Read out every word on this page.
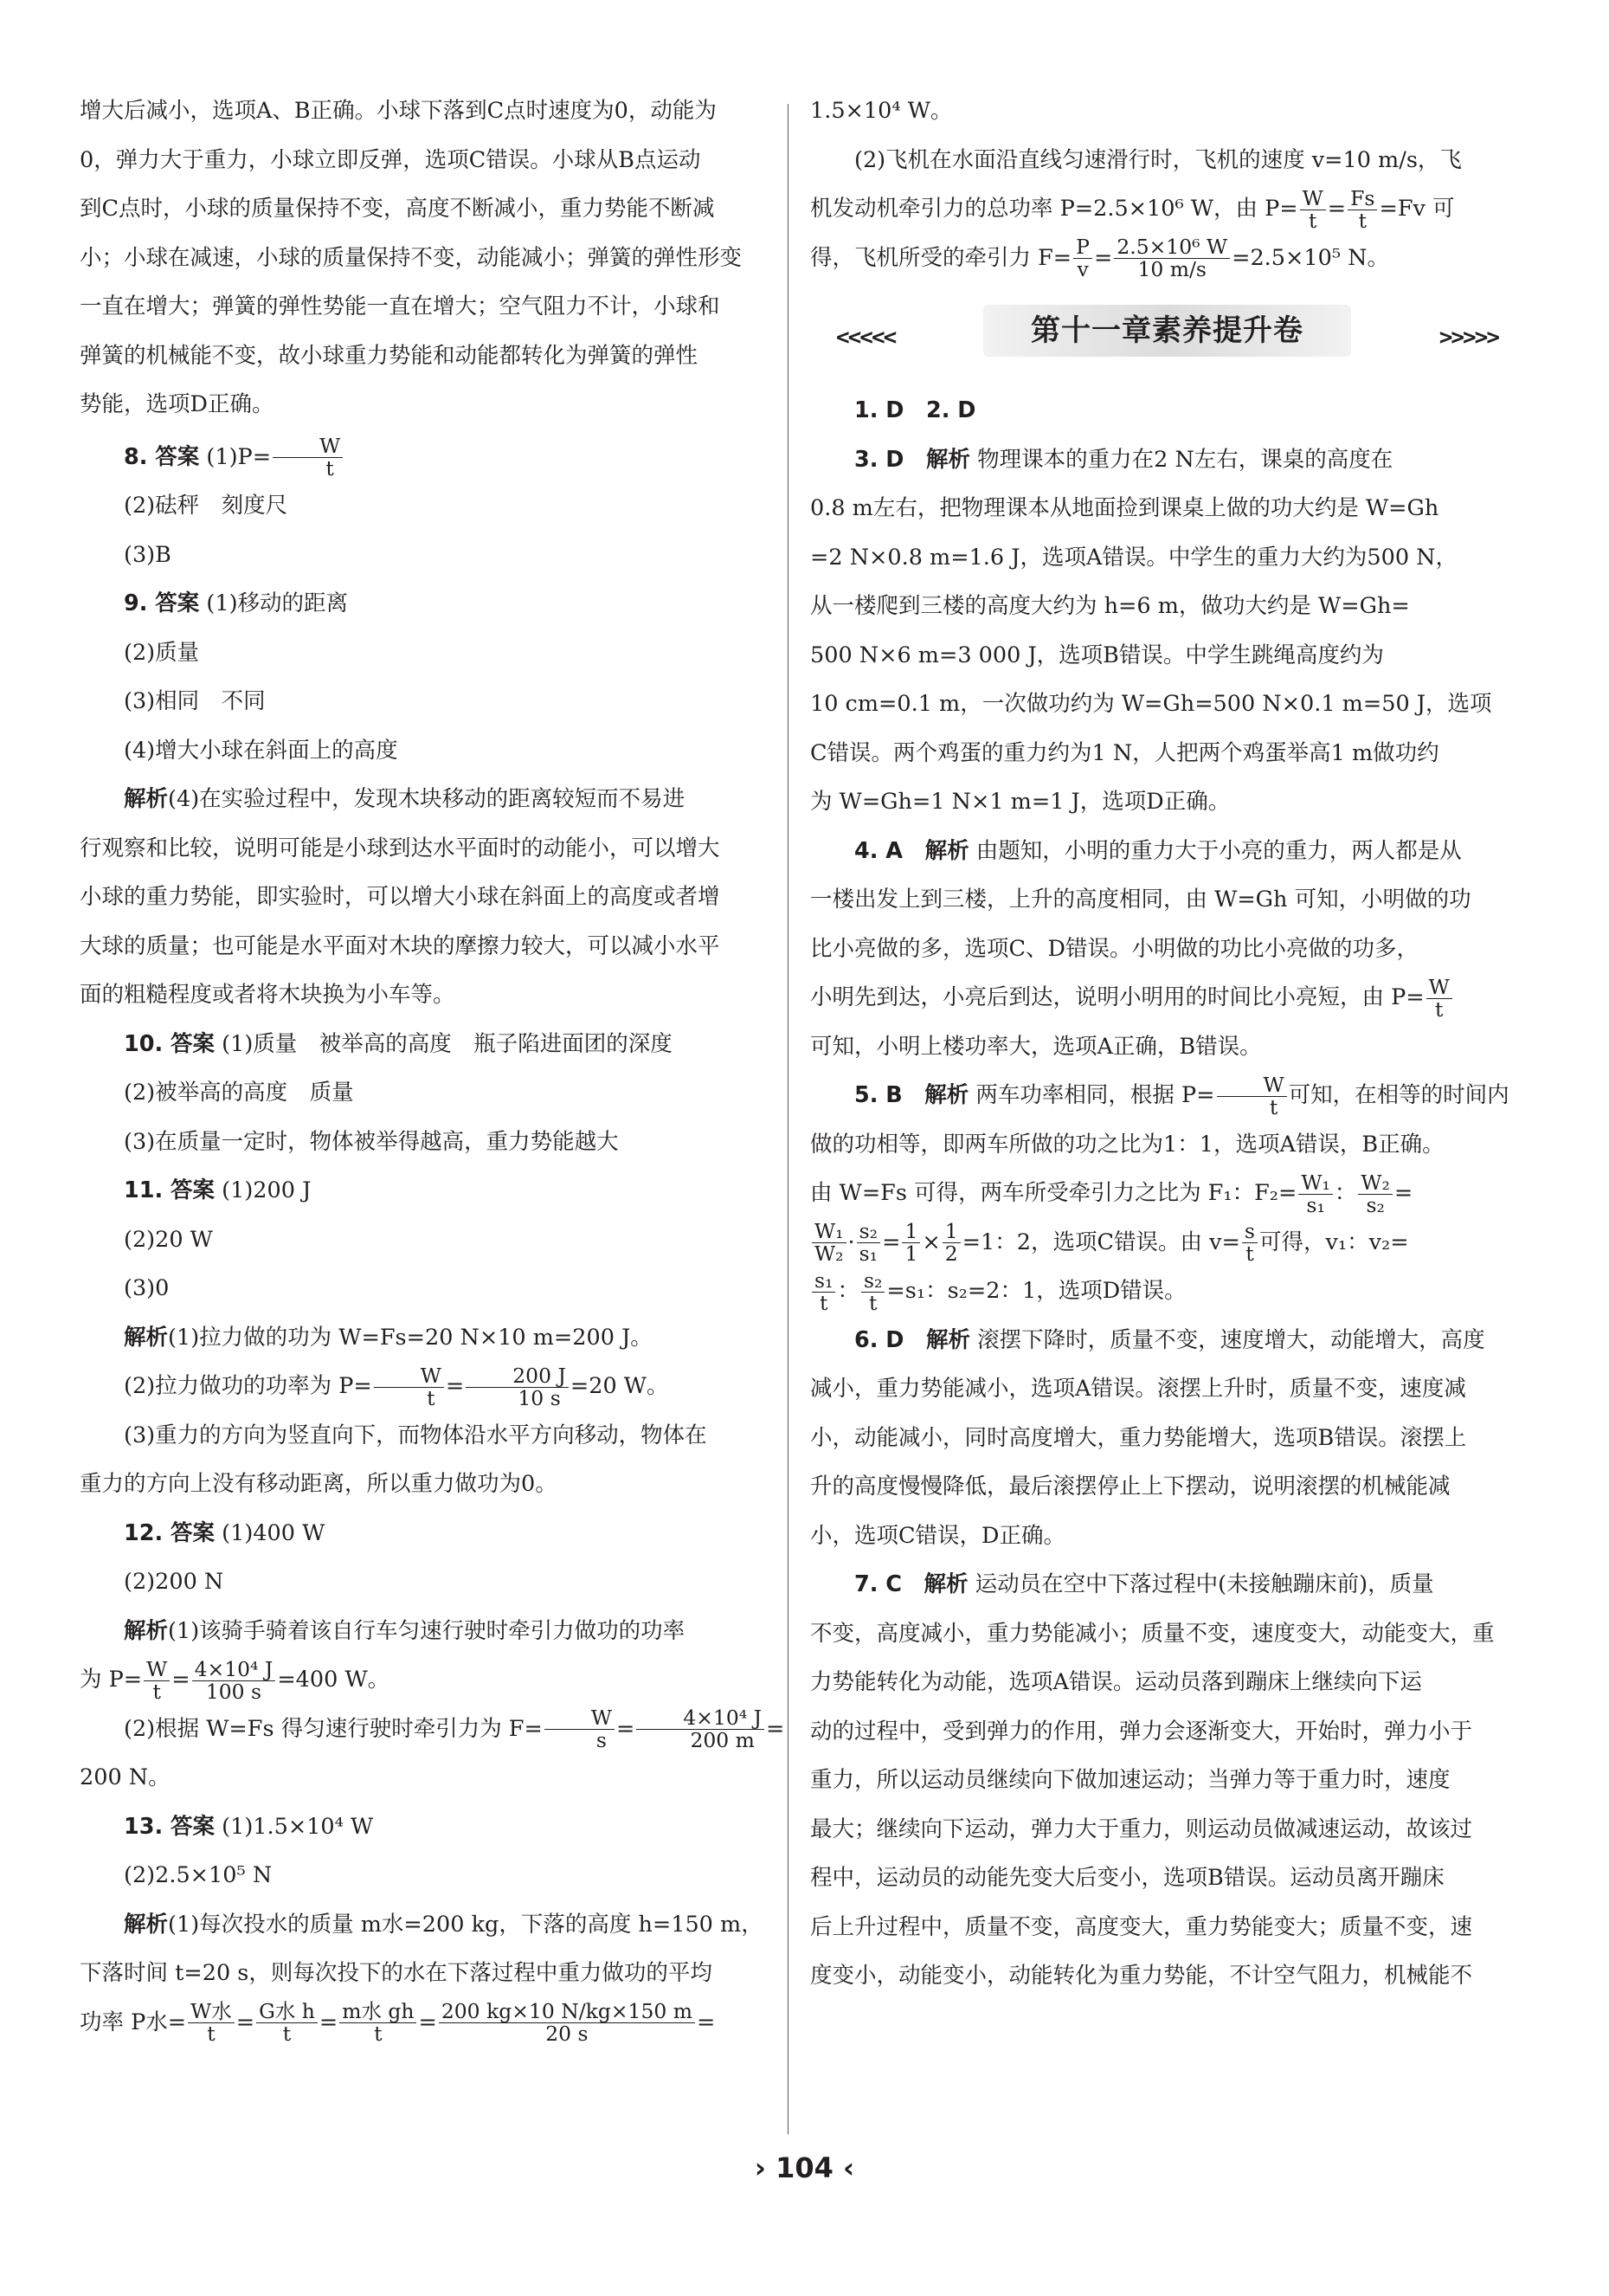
增大后减小，选项A、B正确。小球下落到C点时速度为0，动能为
0，弹力大于重力，小球立即反弹，选项C错误。小球从B点运动
到C点时，小球的质量保持不变，高度不断减小，重力势能不断减
小；小球在减速，小球的质量保持不变，动能减小；弹簧的弹性形变
一直在增大；弹簧的弹性势能一直在增大；空气阻力不计，小球和
弹簧的机械能不变，故小球重力势能和动能都转化为弹簧的弹性
势能，选项D正确。

8. 答案 $(1)P= \frac{W}{t}$

(2)砝秤　刻度尺

(3)B

9. 答案 (1)移动的距离

(2)质量

(3)相同　不同

(4)增大小球在斜面上的高度

解析(4)在实验过程中，发现木块移动的距离较短而不易进
行观察和比较，说明可能是小球到达水平面时的动能小，可以增大
小球的重力势能，即实验时，可以增大小球在斜面上的高度或者增
大球的质量；也可能是水平面对木块的摩擦力较大，可以减小水平
面的粗糙程度或者将木块换为小车等。

10. 答案 (1)质量　被举高的高度　瓶子陷进面团的深度

(2)被举高的高度　质量

(3)在质量一定时，物体被举得越高，重力势能越大

11. 答案 (1)200 J

(2)20 W

(3)0

解析(1)拉力做的功为 W=Fs=20 N×10 m=200 J。

(2)拉力做功的功率为 $P= \frac{W}{t} = \frac{200 J}{10 s} =20$ W。

(3)重力的方向为竖直向下，而物体沿水平方向移动，物体在
重力的方向上没有移动距离，所以重力做功为0。

12. 答案 (1)400 W

(2)200 N

解析(1)该骑手骑着该自行车匀速行驶时牵引力做功的功率
为 $P= \frac{W}{t} = \frac{\text{4×10⁴ J}}{100 s} =400$ W。
(2)根据 W=Fs 得匀速行驶时牵引力为 $F= \frac{W}{s} = \frac{\text{4×10⁴ J}}{200 m}$ =
200 N。

13. 答案 (1)1.5×10⁴ W

(2)2.5×10⁵ N

解析(1)每次投水的质量 m水=200 kg，下落的高度 h=150 m，
下落时间 t=20 s，则每次投下的水在下落过程中重力做功的平均
功率 P水= $\frac{\text{W水}}{t} = \frac{\text{G水 h}}{t} = \frac{\text{m水 gh}}{t} = \frac{200 kg\times 10 N/kg\times 150 m}{20 s}$ =

1.5×10⁴ W。

(2)飞机在水面沿直线匀速滑行时，飞机的速度 v=10 m/s，飞
机发动机牵引力的总功率 P=2.5×10⁶ W，由 $P= \frac{W}{t} = \frac{Fs}{t} =Fv$ 可
得，飞机所受的牵引力 $F= \frac{P}{v} = \frac{\text{2.5×10⁶ W}}{10 m/s} =2.5\times 10^5$ N。

<<<<<	第十一章素养提升卷	>>>>>

1. D　2. D

3. D　 解析 物理课本的重力在2 N左右，课桌的高度在
0.8 m左右，把物理课本从地面捡到课桌上做的功大约是 W=Gh
=2 N×0.8 m=1.6 J，选项A错误。中学生的重力大约为500 N，
从一楼爬到三楼的高度大约为 h=6 m，做功大约是 W=Gh=
500 N×6 m=3 000 J，选项B错误。中学生跳绳高度约为
10 cm=0.1 m，一次做功约为 W=Gh=500 N×0.1 m=50 J，选项
C错误。两个鸡蛋的重力约为1 N，人把两个鸡蛋举高1 m做功约
为 W=Gh=1 N×1 m=1 J，选项D正确。

4. A　 解析 由题知，小明的重力大于小亮的重力，两人都是从
一楼出发上到三楼，上升的高度相同，由 W=Gh 可知，小明做的功
比小亮做的多，选项C、D错误。小明做的功比小亮做的功多，
小明先到达，小亮后到达，说明小明用的时间比小亮短，由 $P= \frac{W}{t}$
可知，小明上楼功率大，选项A正确，B错误。

5. B　 解析 两车功率相同，根据 $P= \frac{W}{t}$ 可知，在相等的时间内
做的功相等，即两车所做的功之比为1：1，选项A错误，B正确。
由 W=Fs 可得，两车所受牵引力之比为 F₁：$F_2= \frac{\text{W₁}}{\text{s₁}}$ ： $\frac{\text{W₂}}{\text{s₂}}$ =
$\frac{\text{W₁}}{\text{W₂}} \cdot \frac{\text{s₂}}{\text{s₁}} = \frac{1}{1} \times \frac{1}{2} =1$：2，选项C错误。由 $v= \frac{s}{t}$ 可得，v₁：v₂=
$\frac{\text{s₁}}{t}$ ： $\frac{\text{s₂}}{t} =s_1$：s₂=2：1，选项D错误。

6. D　 解析 滚摆下降时，质量不变，速度增大，动能增大，高度
减小，重力势能减小，选项A错误。滚摆上升时，质量不变，速度减
小，动能减小，同时高度增大，重力势能增大，选项B错误。滚摆上
升的高度慢慢降低，最后滚摆停止上下摆动，说明滚摆的机械能减
小，选项C错误，D正确。

7. C　 解析 运动员在空中下落过程中(未接触蹦床前)，质量
不变，高度减小，重力势能减小；质量不变，速度变大，动能变大，重
力势能转化为动能，选项A错误。运动员落到蹦床上继续向下运
动的过程中，受到弹力的作用，弹力会逐渐变大，开始时，弹力小于
重力，所以运动员继续向下做加速运动；当弹力等于重力时，速度
最大；继续向下运动，弹力大于重力，则运动员做减速运动，故该过
程中，运动员的动能先变大后变小，选项B错误。运动员离开蹦床
后上升过程中，质量不变，高度变大，重力势能变大；质量不变，速
度变小，动能变小，动能转化为重力势能，不计空气阻力，机械能不

› 104 ‹
